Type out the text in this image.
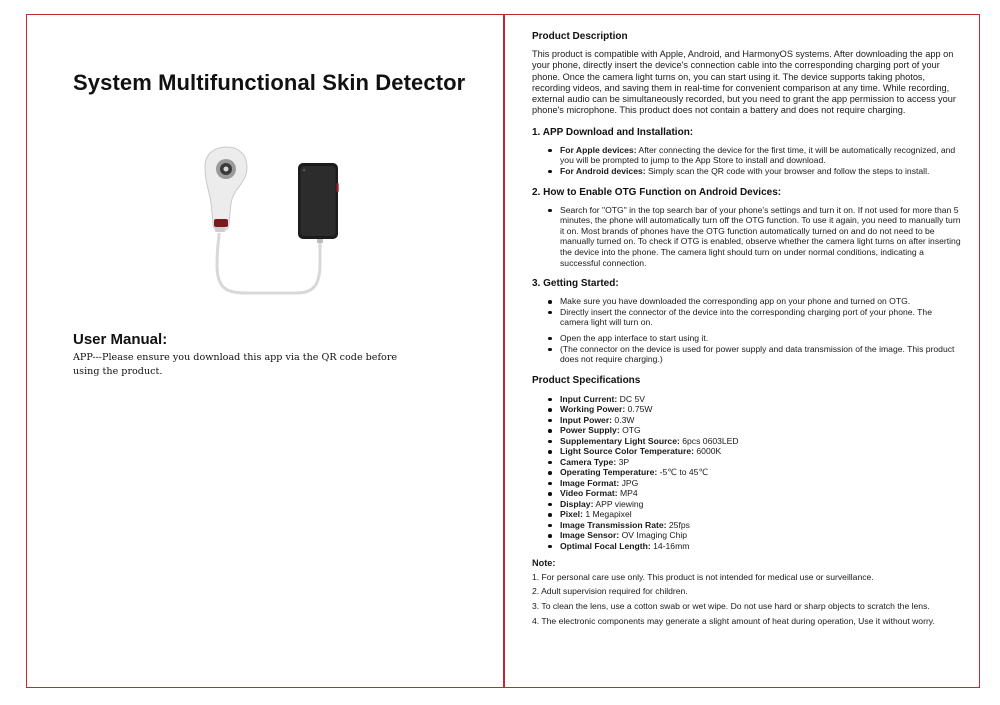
System Multifunctional Skin Detector
User Manual:
APP---Please ensure you download this app via the QR code before using the product.
Product Description

This product is compatible with Apple, Android, and HarmonyOS systems. After downloading the app on your phone, directly insert the device's connection cable into the corresponding charging port of your phone. Once the camera light turns on, you can start using it. The device supports taking photos, recording videos, and saving them in real-time for convenient comparison at any time. While recording, external audio can be simultaneously recorded, but you need to grant the app permission to access your phone's microphone. This product does not contain a battery and does not require charging.

1. APP Download and Installation:
For Apple devices: After connecting the device for the first time, it will be automatically recognized, and you will be prompted to jump to the App Store to install and download.
For Android devices: Simply scan the QR code with your browser and follow the steps to install.
2. How to Enable OTG Function on Android Devices:
Search for "OTG" in the top search bar of your phone's settings and turn it on. If not used for more than 5 minutes, the phone will automatically turn off the OTG function. To use it again, you need to manually turn it on. Most brands of phones have the OTG function automatically turned on and do not need to be manually turned on. To check if OTG is enabled, observe whether the camera light turns on after inserting the device into the phone. The camera light should turn on under normal conditions, indicating a successful connection.
3. Getting Started:
Make sure you have downloaded the corresponding app on your phone and turned on OTG.
Directly insert the connector of the device into the corresponding charging port of your phone. The camera light will turn on.
Open the app interface to start using it.
(The connector on the device is used for power supply and data transmission of the image. This product does not require charging.)
Product Specifications
Input Current: DC 5V
Working Power: 0.75W
Input Power: 0.3W
Power Supply: OTG
Supplementary Light Source: 6pcs 0603LED
Light Source Color Temperature: 6000K
Camera Type: 3P
Operating Temperature: -5℃ to 45℃
Image Format: JPG
Video Format: MP4
Display: APP viewing
Pixel: 1 Megapixel
Image Transmission Rate: 25fps
Image Sensor: OV Imaging Chip
Optimal Focal Length: 14-16mm

Note:

1. For personal care use only. This product is not intended for medical use or surveillance.

2. Adult supervision required for children.

3. To clean the lens, use a cotton swab or wet wipe. Do not use hard or sharp objects to scratch the lens.

4. The electronic components may generate a slight amount of heat during operation, Use it without worry.
